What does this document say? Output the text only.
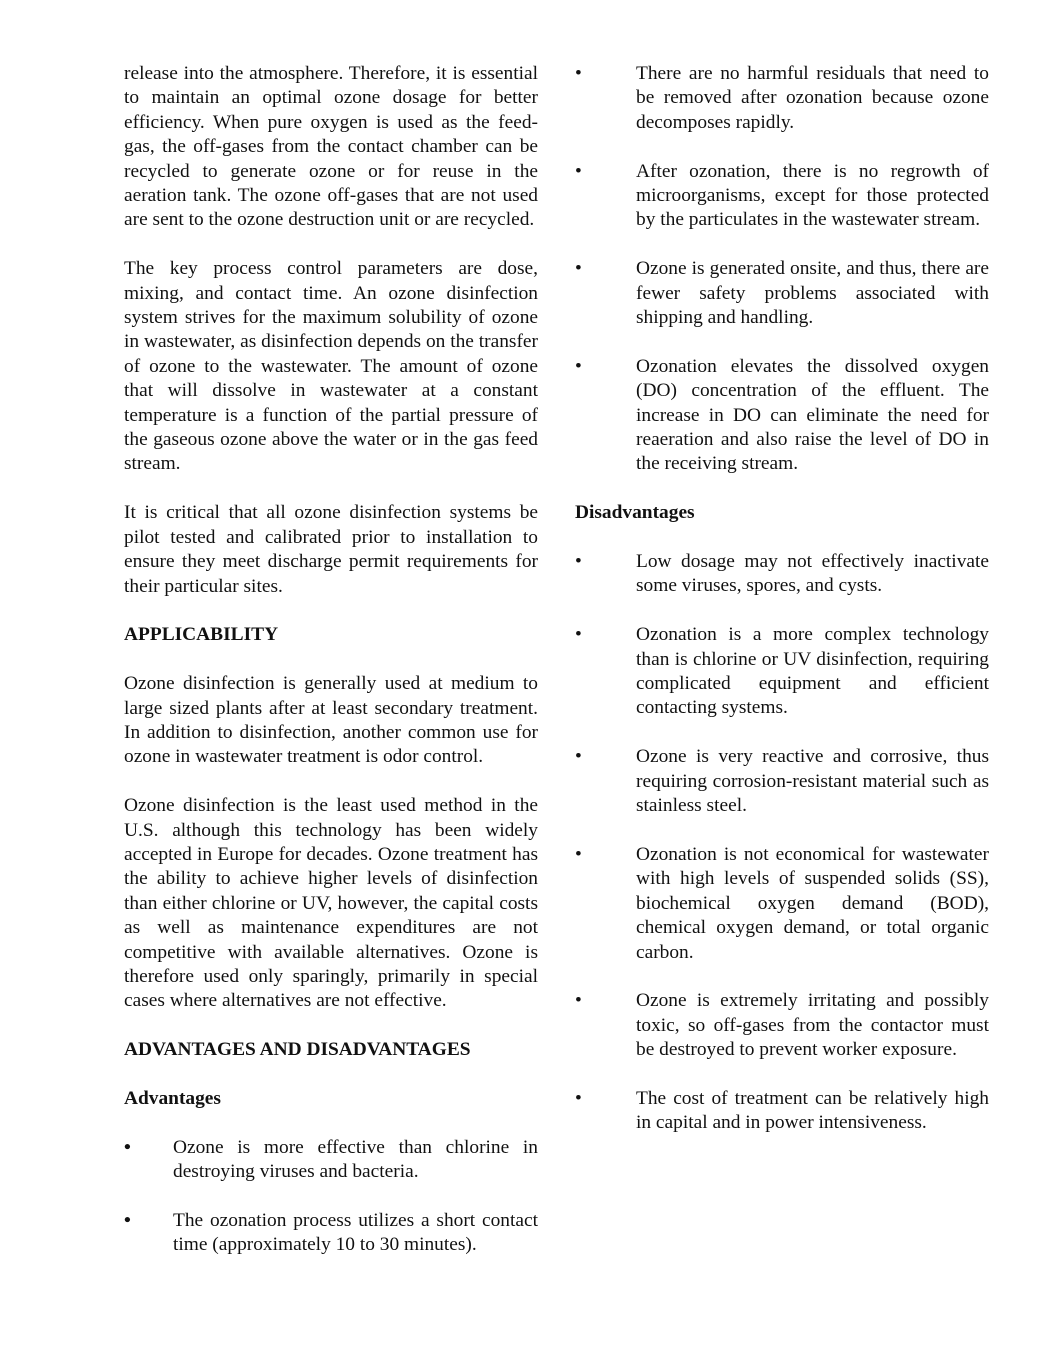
release into the atmosphere. Therefore, it is essential to maintain an optimal ozone dosage for better efficiency. When pure oxygen is used as the feed-gas, the off-gases from the contact chamber can be recycled to generate ozone or for reuse in the aeration tank. The ozone off-gases that are not used are sent to the ozone destruction unit or are recycled.

The key process control parameters are dose, mixing, and contact time. An ozone disinfection system strives for the maximum solubility of ozone in wastewater, as disinfection depends on the transfer of ozone to the wastewater. The amount of ozone that will dissolve in wastewater at a constant temperature is a function of the partial pressure of the gaseous ozone above the water or in the gas feed stream.

It is critical that all ozone disinfection systems be pilot tested and calibrated prior to installation to ensure they meet discharge permit requirements for their particular sites.

APPLICABILITY

Ozone disinfection is generally used at medium to large sized plants after at least secondary treatment. In addition to disinfection, another common use for ozone in wastewater treatment is odor control.

Ozone disinfection is the least used method in the U.S. although this technology has been widely accepted in Europe for decades. Ozone treatment has the ability to achieve higher levels of disinfection than either chlorine or UV, however, the capital costs as well as maintenance expenditures are not competitive with available alternatives. Ozone is therefore used only sparingly, primarily in special cases where alternatives are not effective.

ADVANTAGES AND DISADVANTAGES
Advantages
• Ozone is more effective than chlorine in destroying viruses and bacteria.
• The ozonation process utilizes a short contact time (approximately 10 to 30 minutes).
•	There are no harmful residuals that need to be removed after ozonation because ozone decomposes rapidly.
•	After ozonation, there is no regrowth of microorganisms, except for those protected by the particulates in the wastewater stream.
•	Ozone is generated onsite, and thus, there are fewer safety problems associated with shipping and handling.
•	Ozonation elevates the dissolved oxygen (DO) concentration of the effluent. The increase in DO can eliminate the need for reaeration and also raise the level of DO in the receiving stream.
Disadvantages
•	Low dosage may not effectively inactivate some viruses, spores, and cysts.
•	Ozonation is a more complex technology than is chlorine or UV disinfection, requiring complicated equipment and efficient contacting systems.
•	Ozone is very reactive and corrosive, thus requiring corrosion-resistant material such as stainless steel.
•	Ozonation is not economical for wastewater with high levels of suspended solids (SS), biochemical oxygen demand (BOD), chemical oxygen demand, or total organic carbon.
•	Ozone is extremely irritating and possibly toxic, so off-gases from the contactor must be destroyed to prevent worker exposure.
•	The cost of treatment can be relatively high in capital and in power intensiveness.
